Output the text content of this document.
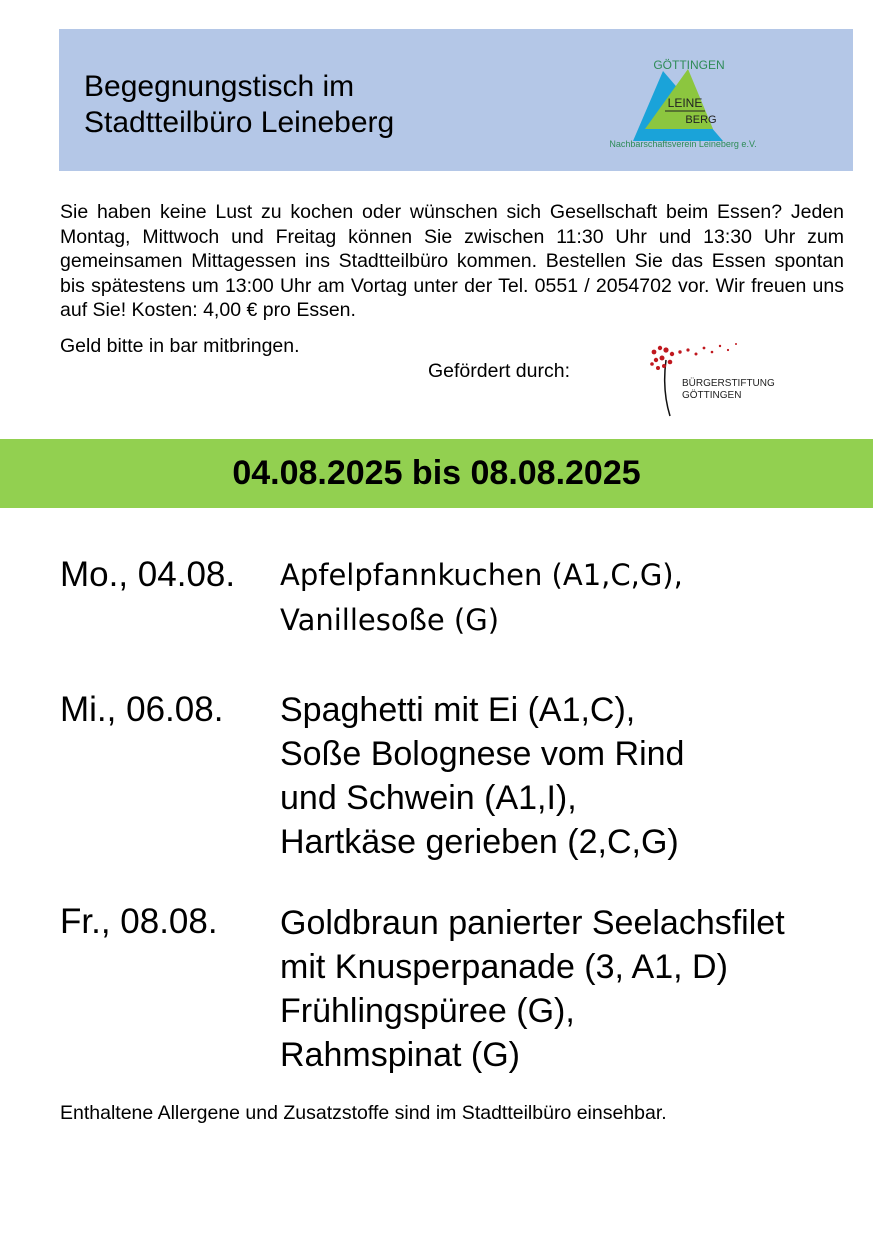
Begegnungstisch im
Stadtteilbüro Leineberg
GÖTTINGEN
LEINE
BERG
Nachbarschaftsverein Leineberg e.V.

Sie haben keine Lust zu kochen oder wünschen sich Gesellschaft beim Essen? Jeden Montag, Mittwoch und Freitag können Sie zwischen 11:30 Uhr und 13:30 Uhr zum gemeinsamen Mittagessen ins Stadtteilbüro kommen. Bestellen Sie das Essen spontan bis spätestens um 13:00 Uhr am Vortag unter der Tel. 0551 / 2054702 vor. Wir freuen uns auf Sie! Kosten: 4,00 € pro Essen.

Geld bitte in bar mitbringen.

Gefördert durch:
BÜRGERSTIFTUNG
GÖTTINGEN
04.08.2025 bis 08.08.2025
Mo., 04.08. Apfelpfannkuchen (A1,C,G),
Vanillesoße (G)
Mi., 06.08. Spaghetti mit Ei (A1,C),
Soße Bolognese vom Rind
und Schwein (A1,I),
Hartkäse gerieben (2,C,G)
Fr., 08.08. Goldbraun panierter Seelachsfilet
mit Knusperpanade (3, A1, D)
Frühlingspüree (G),
Rahmspinat (G)
Enthaltene Allergene und Zusatzstoffe sind im Stadtteilbüro einsehbar.
